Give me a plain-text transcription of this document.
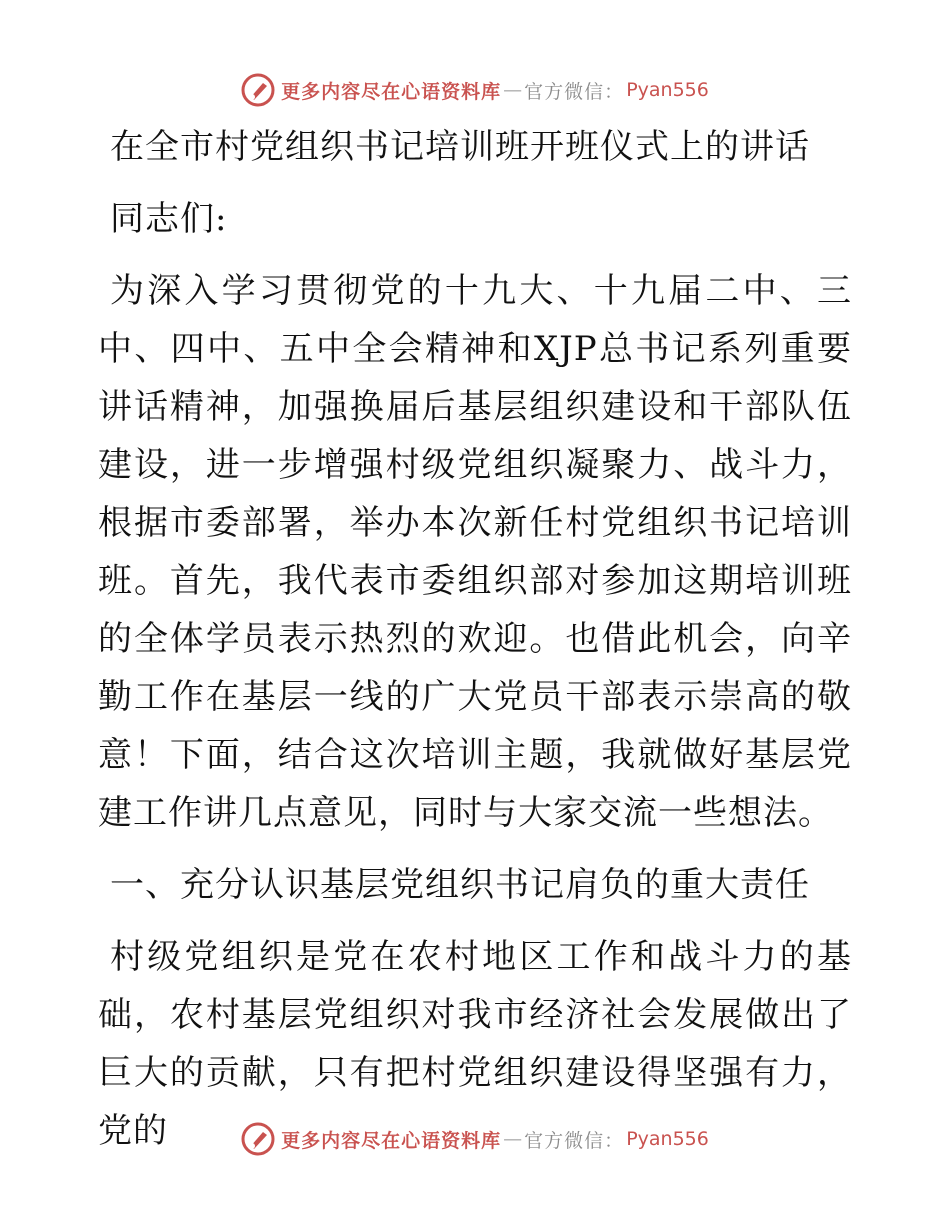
更多内容尽在心语资料库 — 官方微信： Pyan556

在全市村党组织书记培训班开班仪式上的讲话

同志们:

为深入学习贯彻党的十九大、十九届二中、三中、四中、五中全会精神和XJP总书记系列重要讲话精神，加强换届后基层组织建设和干部队伍建设，进一步增强村级党组织凝聚力、战斗力，根据市委部署，举办本次新任村党组织书记培训班。首先，我代表市委组织部对参加这期培训班的全体学员表示热烈的欢迎。也借此机会，向辛勤工作在基层一线的广大党员干部表示崇高的敬意！下面，结合这次培训主题，我就做好基层党建工作讲几点意见，同时与大家交流一些想法。

一、充分认识基层党组织书记肩负的重大责任

村级党组织是党在农村地区工作和战斗力的基础，农村基层党组织对我市经济社会发展做出了巨大的贡献，只有把村党组织建设得坚强有力，党的	更多内容尽在心语资料库 — 官方微信： Pyan556
